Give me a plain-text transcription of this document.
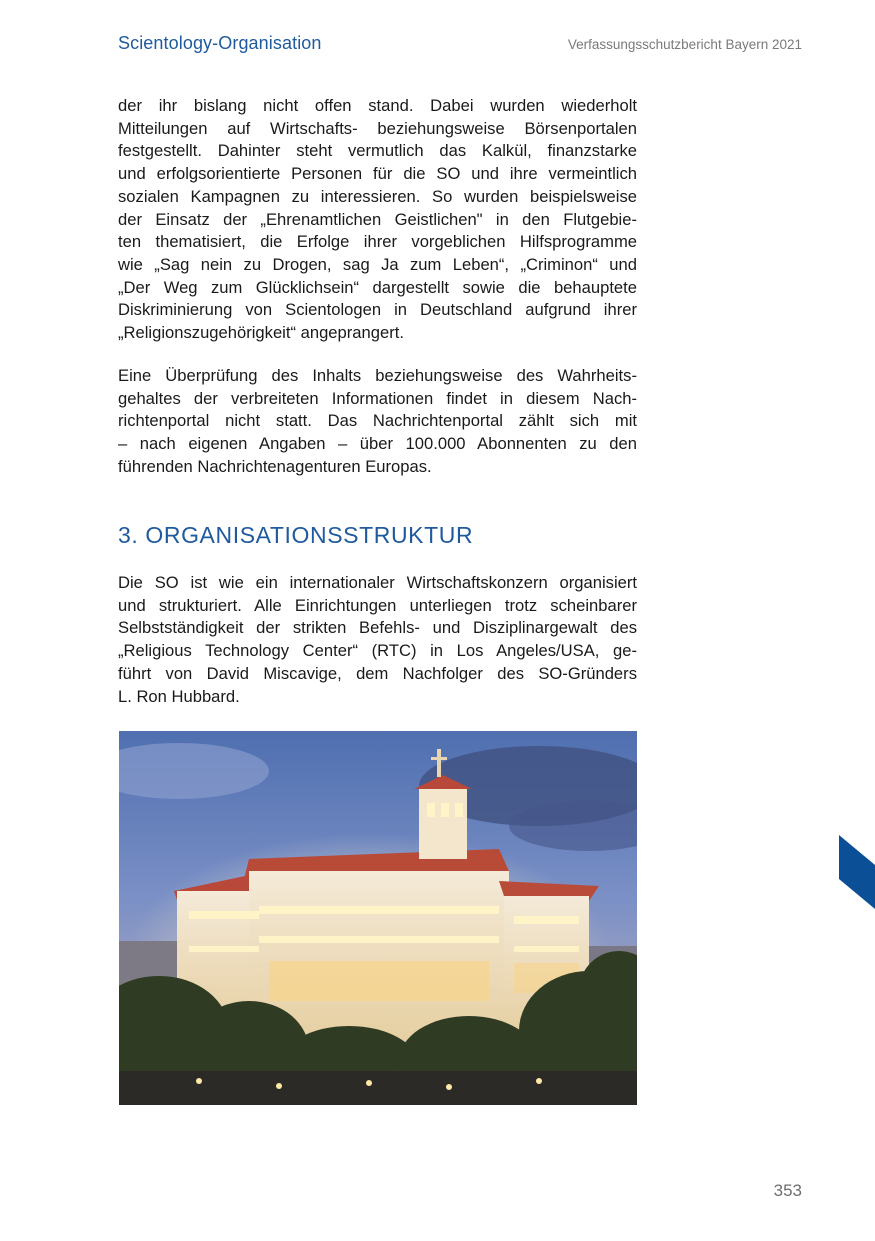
Scientology-Organisation	Verfassungsschutzbericht Bayern 2021
der ihr bislang nicht offen stand. Dabei wurden wiederholt
Mitteilungen auf Wirtschafts- beziehungsweise Börsenportalen
festgestellt. Dahinter steht vermutlich das Kalkül, finanzstarke
und erfolgsorientierte Personen für die SO und ihre vermeintlich
sozialen Kampagnen zu interessieren. So wurden beispielsweise
der Einsatz der „Ehrenamtlichen Geistlichen" in den Flutgebie-
ten thematisiert, die Erfolge ihrer vorgeblichen Hilfsprogramme
wie „Sag nein zu Drogen, sag Ja zum Leben“, „Criminon“ und
„Der Weg zum Glücklichsein“ dargestellt sowie die behauptete
Diskriminierung von Scientologen in Deutschland aufgrund ihrer
„Religionszugehörigkeit“ angeprangert.
Eine Überprüfung des Inhalts beziehungsweise des Wahrheits-
gehaltes der verbreiteten Informationen findet in diesem Nach-
richtenportal nicht statt. Das Nachrichtenportal zählt sich mit
– nach eigenen Angaben – über 100.000 Abonnenten zu den
führenden Nachrichtenagenturen Europas.
3. ORGANISATIONSSTRUKTUR
Die SO ist wie ein internationaler Wirtschaftskonzern organisiert
und strukturiert. Alle Einrichtungen unterliegen trotz scheinbarer
Selbstständigkeit der strikten Befehls- und Disziplinargewalt des
„Religious Technology Center“ (RTC) in Los Angeles/USA, ge-
führt von David Miscavige, dem Nachfolger des SO-Gründers
L. Ron Hubbard.
353
